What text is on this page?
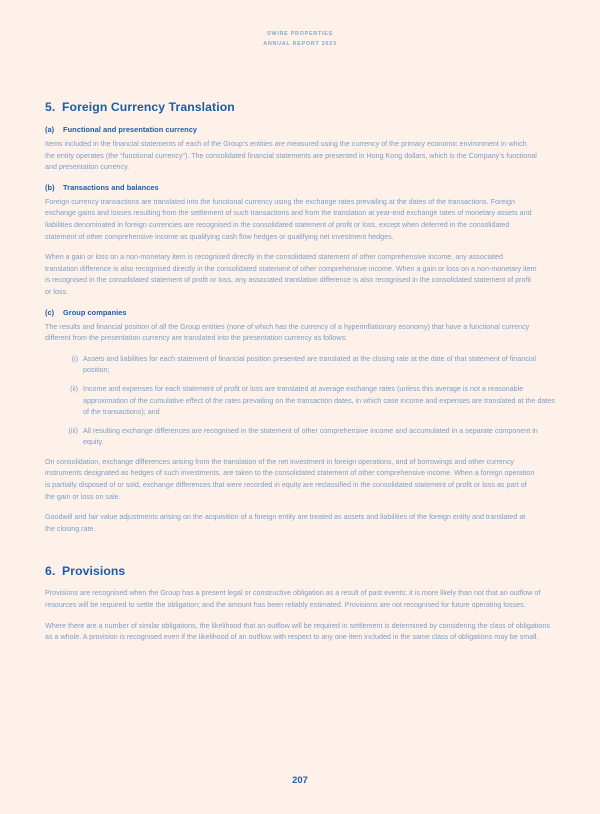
SWIRE PROPERTIES
ANNUAL REPORT 2023
5. Foreign Currency Translation
(a)	Functional and presentation currency

Items included in the financial statements of each of the Group’s entities are measured using the currency of the primary economic environment in which the entity operates (the “functional currency”). The consolidated financial statements are presented in Hong Kong dollars, which is the Company’s functional and presentation currency.

(b)	Transactions and balances

Foreign currency transactions are translated into the functional currency using the exchange rates prevailing at the dates of the transactions. Foreign exchange gains and losses resulting from the settlement of such transactions and from the translation at year-end exchange rates of monetary assets and liabilities denominated in foreign currencies are recognised in the consolidated statement of profit or loss, except when deferred in the consolidated statement of other comprehensive income as qualifying cash flow hedges or qualifying net investment hedges.

When a gain or loss on a non-monetary item is recognised directly in the consolidated statement of other comprehensive income, any associated translation difference is also recognised directly in the consolidated statement of other comprehensive income. When a gain or loss on a non-monetary item is recognised in the consolidated statement of profit or loss, any associated translation difference is also recognised in the consolidated statement of profit or loss.

(c)	Group companies

The results and financial position of all the Group entities (none of which has the currency of a hyperinflationary economy) that have a functional currency different from the presentation currency are translated into the presentation currency as follows:

(i) Assets and liabilities for each statement of financial position presented are translated at the closing rate at the date of that statement of financial position;
(ii) Income and expenses for each statement of profit or loss are translated at average exchange rates (unless this average is not a reasonable approximation of the cumulative effect of the rates prevailing on the transaction dates, in which case income and expenses are translated at the dates of the transactions); and
(iii) All resulting exchange differences are recognised in the statement of other comprehensive income and accumulated in a separate component in equity.

On consolidation, exchange differences arising from the translation of the net investment in foreign operations, and of borrowings and other currency instruments designated as hedges of such investments, are taken to the consolidated statement of other comprehensive income. When a foreign operation is partially disposed of or sold, exchange differences that were recorded in equity are reclassified in the consolidated statement of profit or loss as part of the gain or loss on sale.

Goodwill and fair value adjustments arising on the acquisition of a foreign entity are treated as assets and liabilities of the foreign entity and translated at the closing rate.

6. Provisions

Provisions are recognised when the Group has a present legal or constructive obligation as a result of past events; it is more likely than not that an outflow of resources will be required to settle the obligation; and the amount has been reliably estimated. Provisions are not recognised for future operating losses.

Where there are a number of similar obligations, the likelihood that an outflow will be required in settlement is determined by considering the class of obligations as a whole. A provision is recognised even if the likelihood of an outflow with respect to any one item included in the same class of obligations may be small.

207
